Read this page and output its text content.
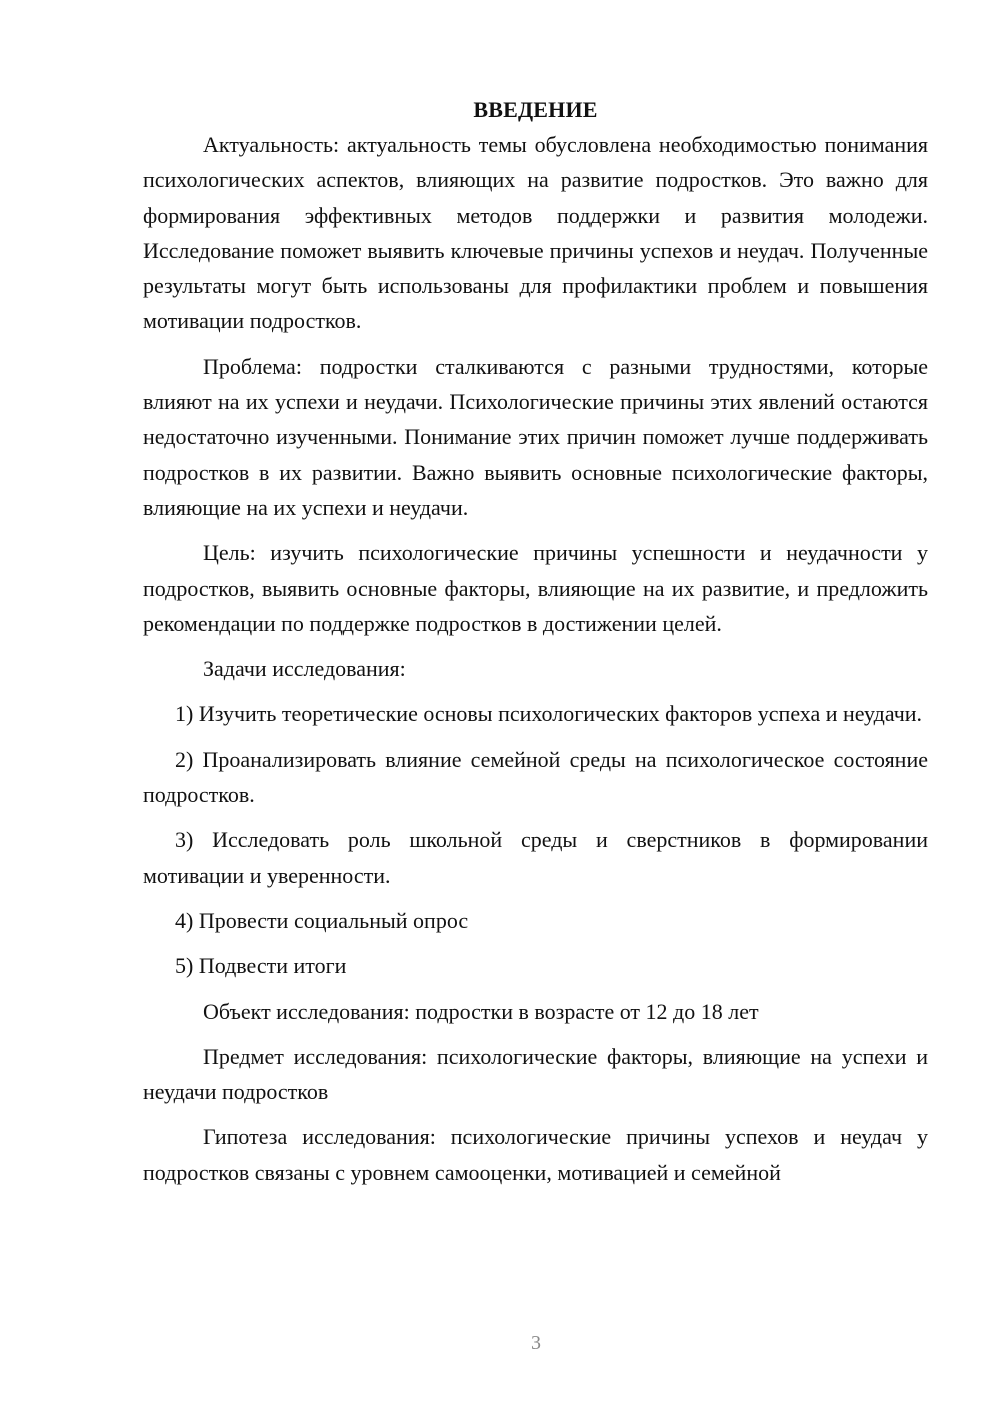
ВВЕДЕНИЕ

Актуальность: актуальность темы обусловлена необходимостью понимания психологических аспектов, влияющих на развитие подростков. Это важно для формирования эффективных методов поддержки и развития молодежи. Исследование поможет выявить ключевые причины успехов и неудач. Полученные результаты могут быть использованы для профилактики проблем и повышения мотивации подростков.

Проблема: подростки сталкиваются с разными трудностями, которые влияют на их успехи и неудачи. Психологические причины этих явлений остаются недостаточно изученными. Понимание этих причин поможет лучше поддерживать подростков в их развитии. Важно выявить основные психологические факторы, влияющие на их успехи и неудачи.

Цель: изучить психологические причины успешности и неудачности у подростков, выявить основные факторы, влияющие на их развитие, и предложить рекомендации по поддержке подростков в достижении целей.

Задачи исследования:

1) Изучить теоретические основы психологических факторов успеха и неудачи.

2) Проанализировать влияние семейной среды на психологическое состояние подростков.

3) Исследовать роль школьной среды и сверстников в формировании мотивации и уверенности.

4) Провести социальный опрос

5) Подвести итоги

Объект исследования: подростки в возрасте от 12 до 18 лет

Предмет исследования: психологические факторы, влияющие на успехи и неудачи подростков

Гипотеза исследования: психологические причины успехов и неудач у подростков связаны с уровнем самооценки, мотивацией и семейной

3
